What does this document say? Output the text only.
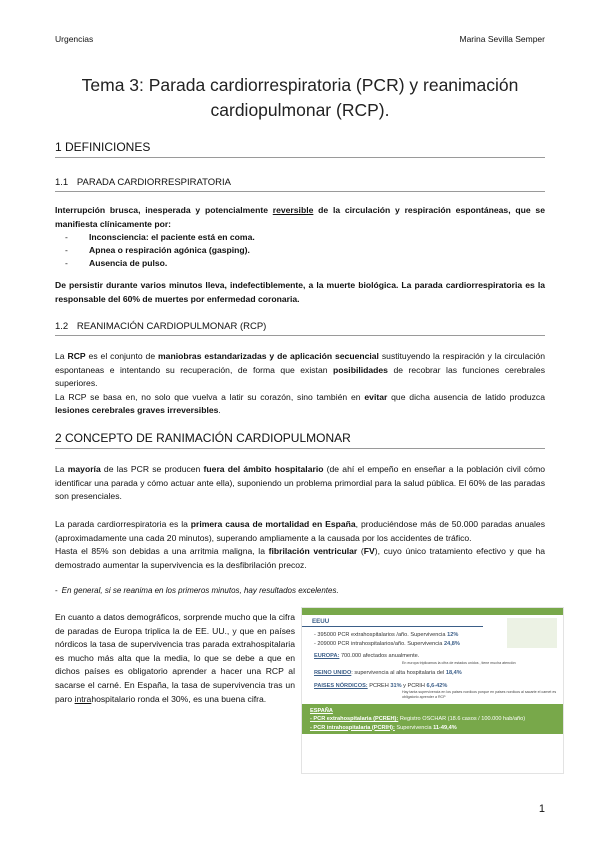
Urgencias	Marina Sevilla Semper
Tema 3: Parada cardiorrespiratoria (PCR) y reanimación cardiopulmonar (RCP).
1 DEFINICIONES
1.1 PARADA CARDIORRESPIRATORIA
Interrupción brusca, inesperada y potencialmente reversible de la circulación y respiración espontáneas, que se manifiesta clínicamente por:
- Inconsciencia: el paciente está en coma.
- Apnea o respiración agónica (gasping).
- Ausencia de pulso.
De persistir durante varios minutos lleva, indefectiblemente, a la muerte biológica. La parada cardiorrespiratoria es la responsable del 60% de muertes por enfermedad coronaria.
1.2 REANIMACIÓN CARDIOPULMONAR (RCP)
La RCP es el conjunto de maniobras estandarizadas y de aplicación secuencial sustituyendo la respiración y la circulación espontaneas e intentando su recuperación, de forma que existan posibilidades de recobrar las funciones cerebrales superiores.
La RCP se basa en, no solo que vuelva a latir su corazón, sino también en evitar que dicha ausencia de latido produzca lesiones cerebrales graves irreversibles.
2 CONCEPTO DE RANIMACIÓN CARDIOPULMONAR
La mayoría de las PCR se producen fuera del ámbito hospitalario (de ahí el empeño en enseñar a la población civil cómo identificar una parada y cómo actuar ante ella), suponiendo un problema primordial para la salud pública. El 60% de las paradas son presenciales.
La parada cardiorrespiratoria es la primera causa de mortalidad en España, produciéndose más de 50.000 paradas anuales (aproximadamente una cada 20 minutos), superando ampliamente a la causada por los accidentes de tráfico.
Hasta el 85% son debidas a una arritmia maligna, la fibrilación ventricular (FV), cuyo único tratamiento efectivo y que ha demostrado aumentar la supervivencia es la desfibrilación precoz.
- En general, si se reanima en los primeros minutos, hay resultados excelentes.
En cuanto a datos demográficos, sorprende mucho que la cifra de paradas de Europa triplica la de EE. UU., y que en países nórdicos la tasa de supervivencia tras parada extrahospitalaria es mucho más alta que la media, lo que se debe a que en dichos países es obligatorio aprender a hacer una RCP al sacarse el carné. En España, la tasa de supervivencia tras un paro intrahospitalario ronda el 30%, es una buena cifra.
EEUU
- 395000 PCR extrahospitalarios /año. Supervivencia 12%
- 209000 PCR intrahospitalarios/año. Supervivencia 24,8%
EUROPA: 700.000 afectados anualmente.
En europa triplicamos la cifra de estados unidos , tiene mucha atención
REINO UNIDO: supervivencia al alta hospitalaria del 18,4%
PAISES NÓRDICOS: PCREH 31% y PCRIH 6,6-42%
Hay tanta supervivencia en los paises nordicos porque en paises nordicos al sacarte el carnet es obligatorio aprender a RCP
ESPAÑA
- PCR extrahospitalaria (PCREH): Registro OSCHAR (18.6 casos / 100.000 hab/año)
- PCR intrahospitalaria (PCRIH): Supervivencia 11-49,4%
1
